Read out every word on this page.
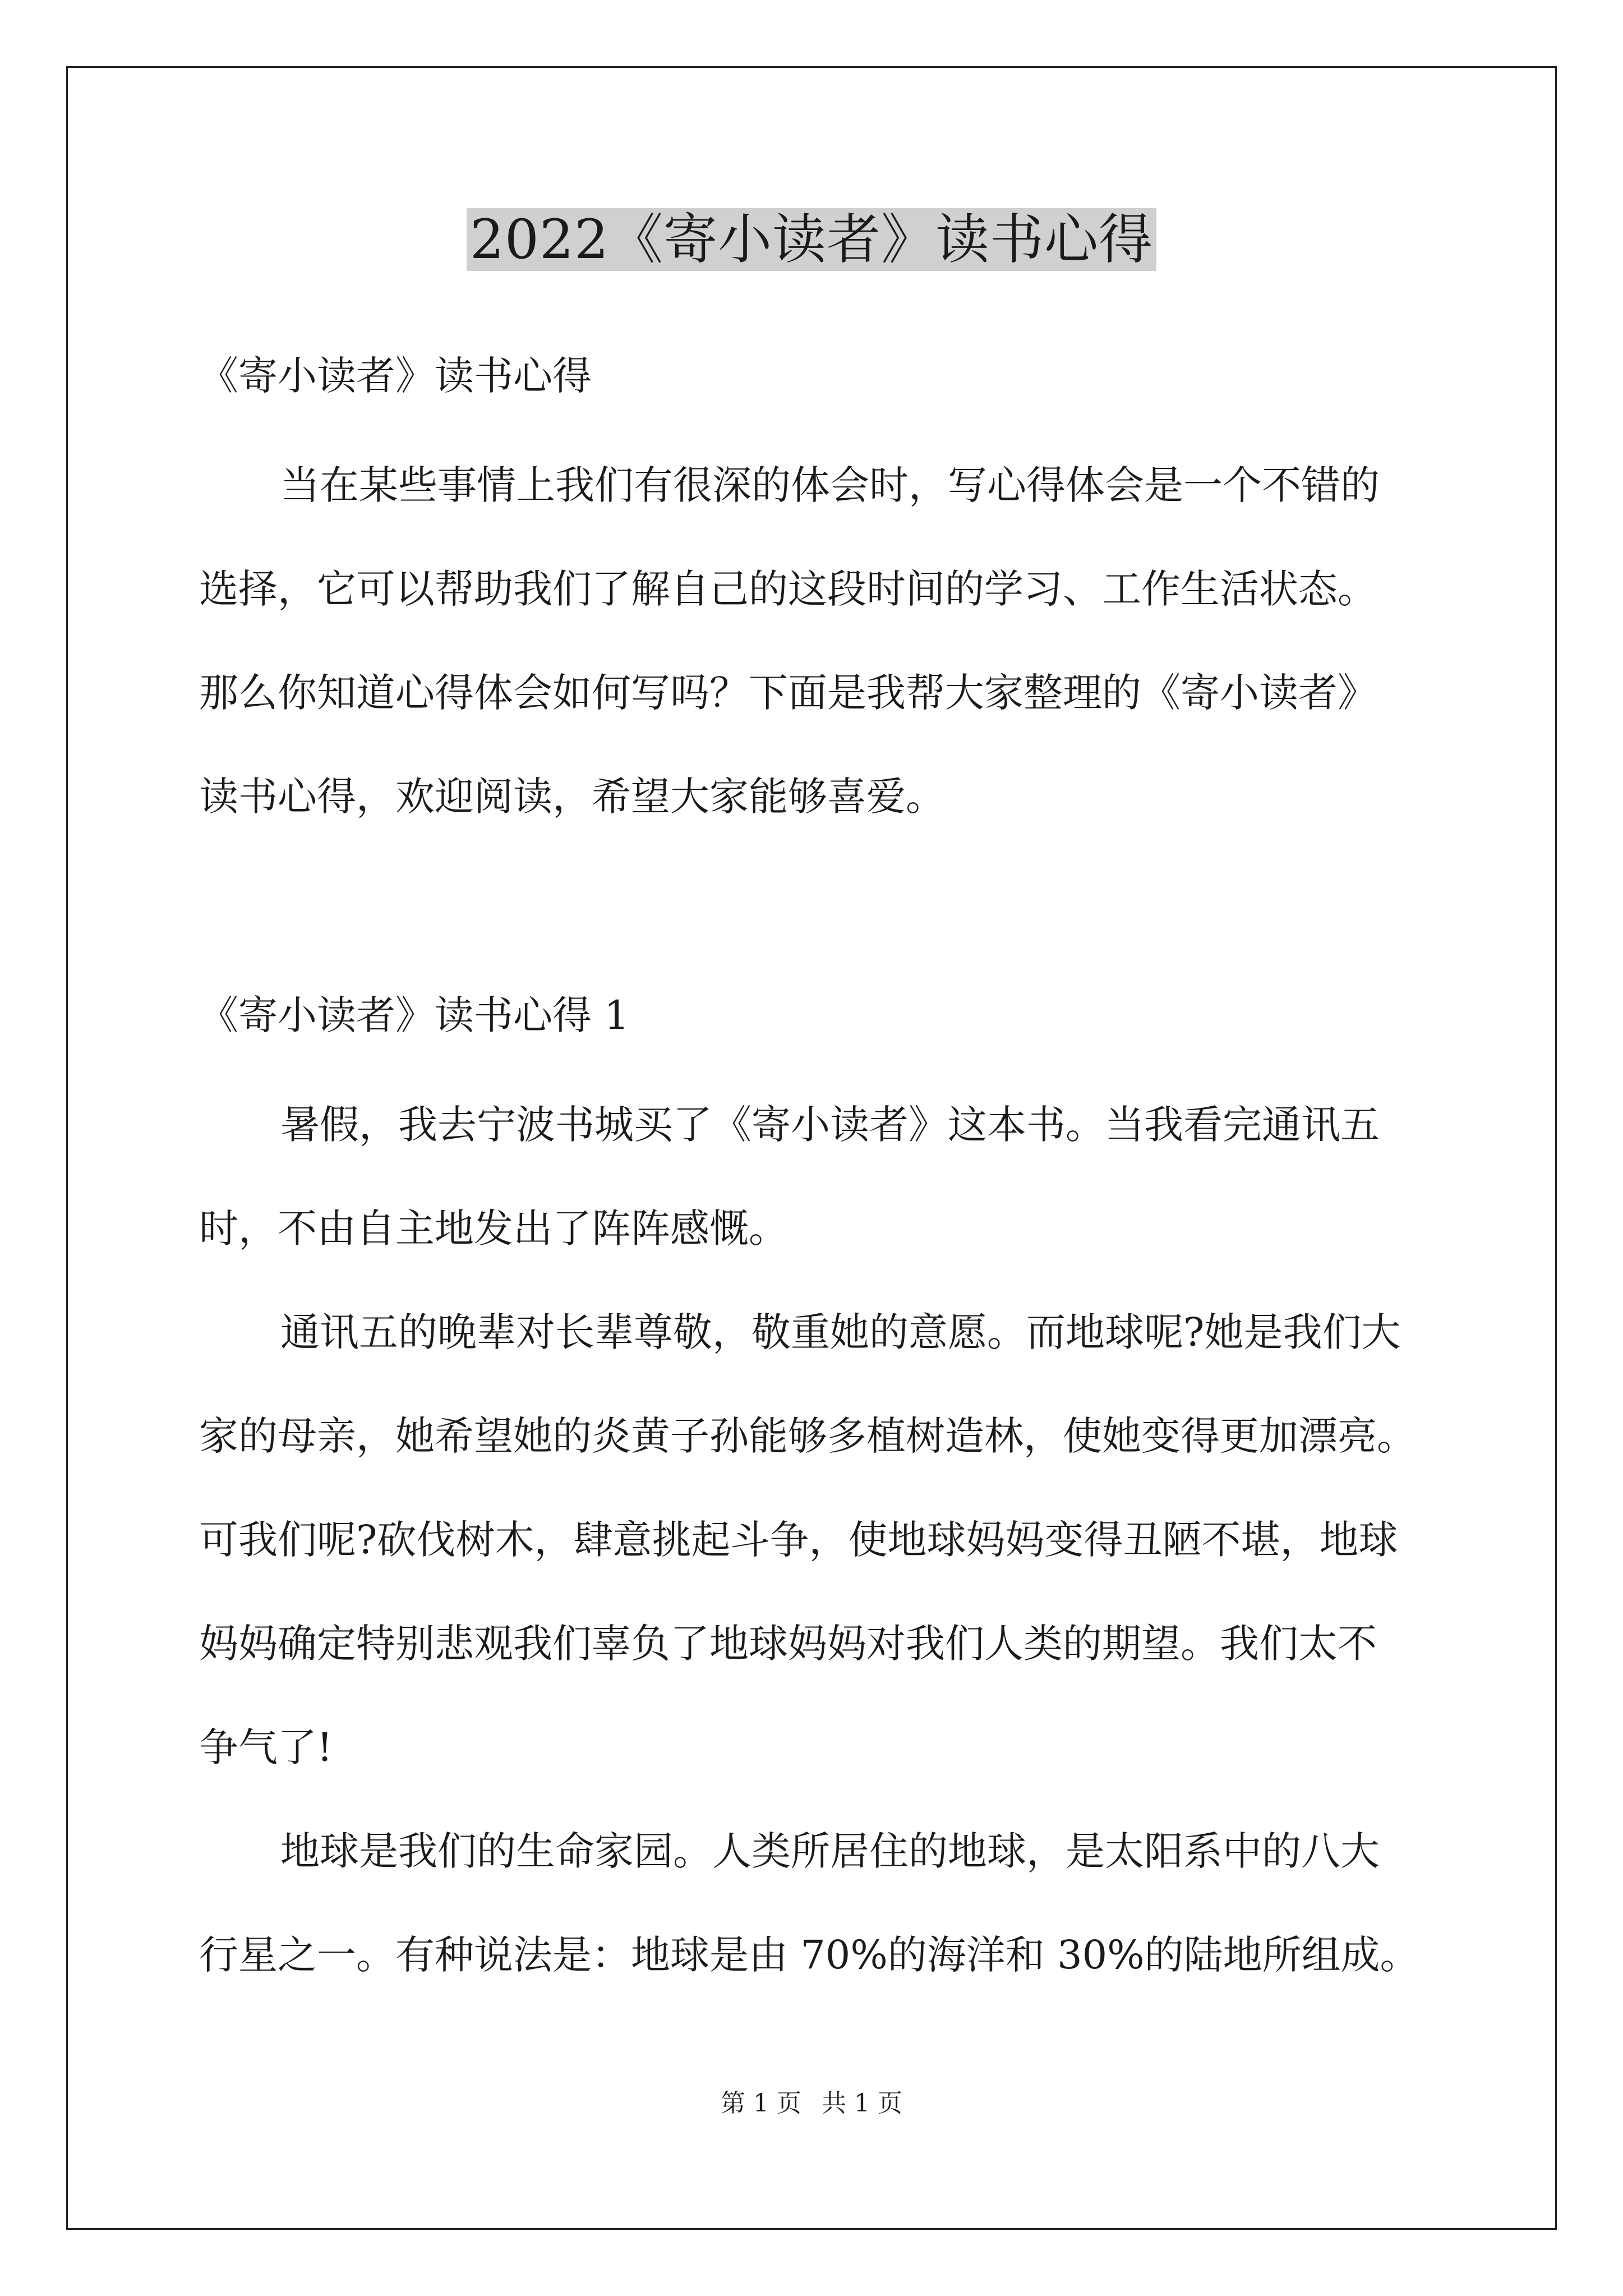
2022《寄小读者》读书心得
《寄小读者》读书心得
当在某些事情上我们有很深的体会时，写心得体会是一个不错的
选择，它可以帮助我们了解自己的这段时间的学习、工作生活状态。
那么你知道心得体会如何写吗？下面是我帮大家整理的《寄小读者》
读书心得，欢迎阅读，希望大家能够喜爱。
《寄小读者》读书心得 1
暑假，我去宁波书城买了《寄小读者》这本书。当我看完通讯五
时，不由自主地发出了阵阵感慨。
通讯五的晚辈对长辈尊敬，敬重她的意愿。而地球呢?她是我们大
家的母亲，她希望她的炎黄子孙能够多植树造林，使她变得更加漂亮。
可我们呢?砍伐树木，肆意挑起斗争，使地球妈妈变得丑陋不堪，地球
妈妈确定特别悲观我们辜负了地球妈妈对我们人类的期望。我们太不
争气了!
地球是我们的生命家园。人类所居住的地球，是太阳系中的八大
行星之一。有种说法是：地球是由 70%的海洋和 30%的陆地所组成。
第 1 页 共 1 页
